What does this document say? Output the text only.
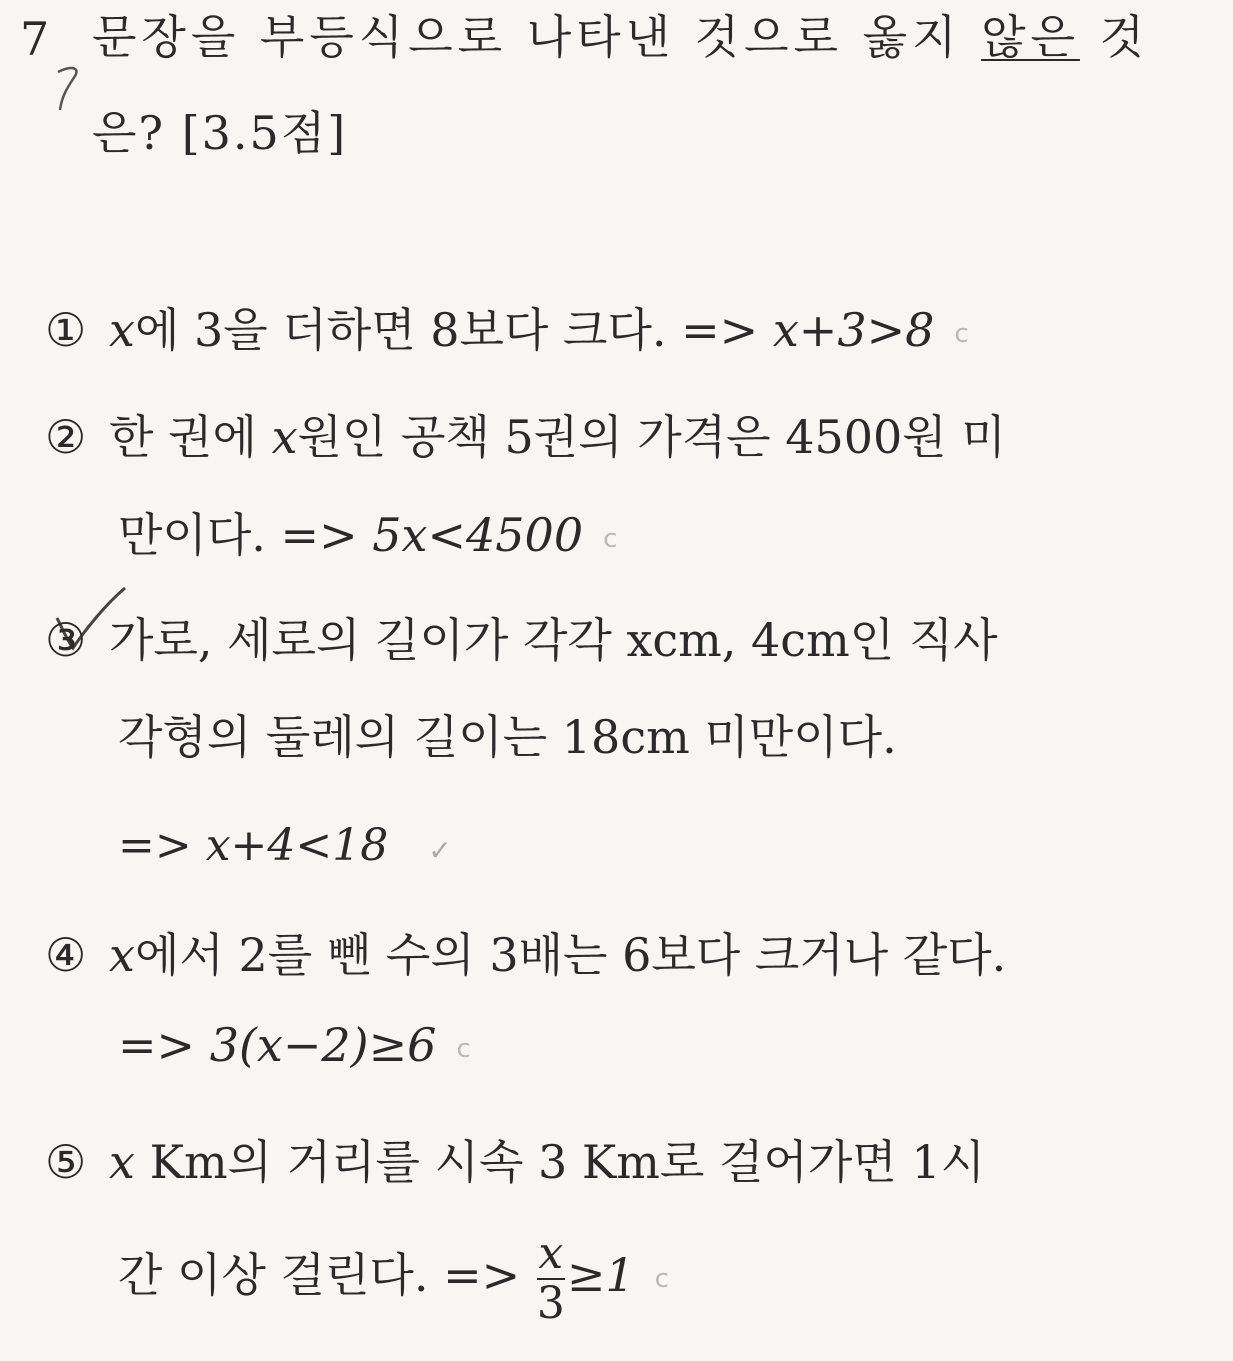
7 문장을 부등식으로 나타낸 것으로 옳지 않은 것
은? [3.5점]
① x에 3을 더하면 8보다 크다. => x+3>8 c
② 한 권에 x원인 공책 5권의 가격은 4500원 미
만이다. => 5x<4500 c
③ 가로, 세로의 길이가 각각 xcm, 4cm인 직사
각형의 둘레의 길이는 18cm 미만이다.
=> x+4<18 ✓
④ x에서 2를 뺀 수의 3배는 6보다 크거나 같다.
=> 3(x−2)≥6 c
⑤ x Km의 거리를 시속 3 Km로 걸어가면 1시
간 이상 걸린다. => $\frac{x}{3} \ge 1$ c
